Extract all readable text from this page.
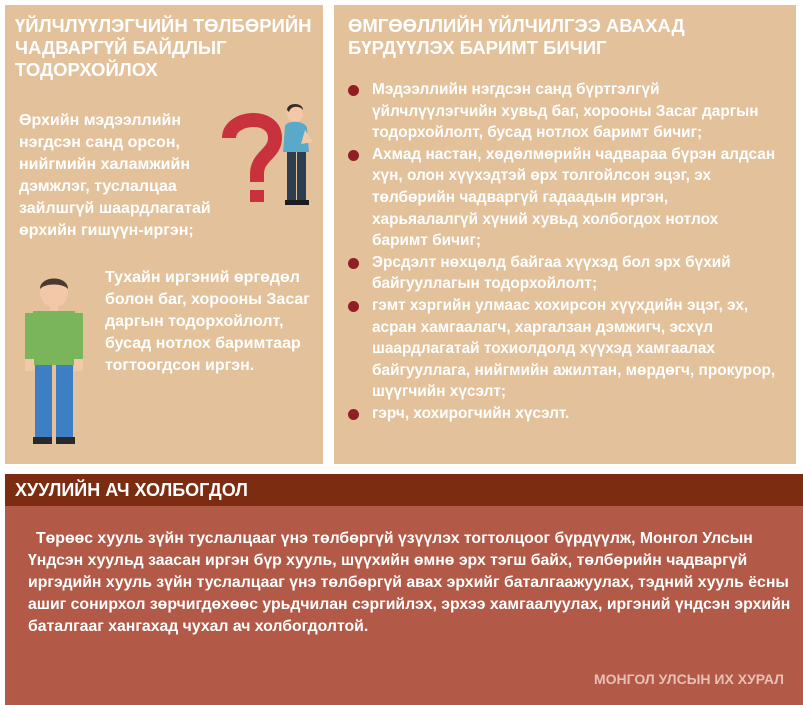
ҮЙЛЧЛҮҮЛЭГЧИЙН ТӨЛБӨРИЙН ЧАДВАРГҮЙ БАЙДЛЫГ ТОДОРХОЙЛОХ

Өрхийн мэдээллийн нэгдсэн санд орсон, нийгмийн халамжийн дэмжлэг, туслалцаа зайлшгүй шаардлагатай өрхийн гишүүн-иргэн;

Тухайн иргэний өргөдөл болон баг, хорооны Засаг даргын тодорхойлолт, бусад нотлох баримтаар тогтоогдсон иргэн.

ӨМГӨӨЛЛИЙН ҮЙЛЧИЛГЭЭ АВАХАД БҮРДҮҮЛЭХ БАРИМТ БИЧИГ
Мэдээллийн нэгдсэн санд бүртгэлгүй үйлчлүүлэгчийн хувьд баг, хорооны Засаг даргын тодорхойлолт, бусад нотлох баримт бичиг;
Ахмад настан, хөдөлмөрийн чадвараа бүрэн алдсан хүн, олон хүүхэдтэй өрх толгойлсон эцэг, эх төлбөрийн чадваргүй гадаадын иргэн, харьяалалгүй хүний хувьд холбогдох нотлох баримт бичиг;
Эрсдэлт нөхцөлд байгаа хүүхэд бол эрх бүхий байгууллагын тодорхойлолт;
гэмт хэргийн улмаас хохирсон хүүхдийн эцэг, эх, асран хамгаалагч, харгалзан дэмжигч, эсхүл шаардлагатай тохиолдолд хүүхэд хамгаалах байгууллага, нийгмийн ажилтан, мөрдөгч, прокурор, шүүгчийн хүсэлт;
гэрч, хохирогчийн хүсэлт.
ХУУЛИЙН АЧ ХОЛБОГДОЛ

Төрөөс хууль зүйн туслалцааг үнэ төлбөргүй үзүүлэх тогтолцоог бүрдүүлж, Монгол Улсын Үндсэн хуульд заасан иргэн бүр хууль, шүүхийн өмнө эрх тэгш байх, төлбөрийн чадваргүй иргэдийн хууль зүйн туслалцааг үнэ төлбөргүй авах эрхийг баталгаажуулах, тэдний хууль ёсны ашиг сонирхол зөрчигдөхөөс урьдчилан сэргийлэх, эрхээ хамгаалуулах, иргэний үндсэн эрхийн баталгааг хангахад чухал ач холбогдолтой.

МОНГОЛ УЛСЫН ИХ ХУРАЛ
